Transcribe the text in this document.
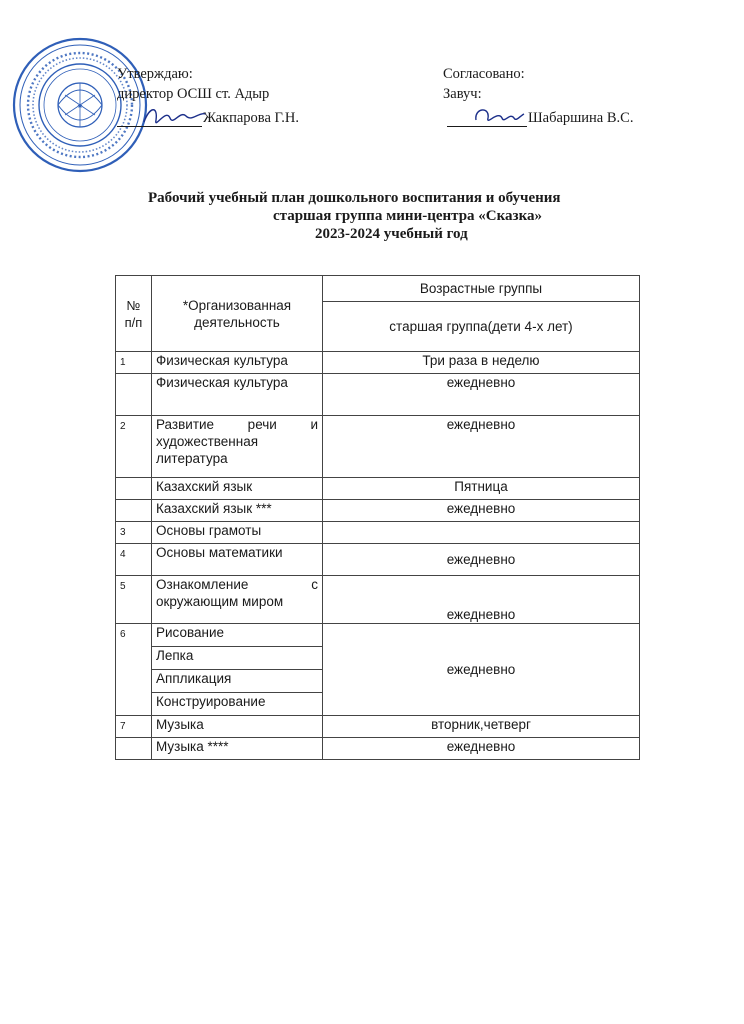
★
Утверждаю:
директор ОСШ ст. Адыр
Жакпарова Г.Н.
Согласовано:
Завуч:
Шабаршина В.С.
Рабочий учебный план дошкольного воспитания и обучения
старшая группа мини-центра «Сказка»
2023-2024 учебный год
№ п/п	*Организованная деятельность	Возрастные группы
		старшая группа(дети 4-х лет)
1	Физическая культура	Три раза в неделю
	Физическая культура	ежедневно
2	Развитие речи и художественная литература	ежедневно
	Казахский язык	Пятница
	Казахский язык ***	ежедневно
3	Основы грамоты	
4	Основы математики	ежедневно
5	Ознакомление с окружающим миром	ежедневно
6	Рисование	ежедневно
	Лепка	
	Аппликация	
	Конструирование	
7	Музыка	вторник,четверг
	Музыка ****	ежедневно
